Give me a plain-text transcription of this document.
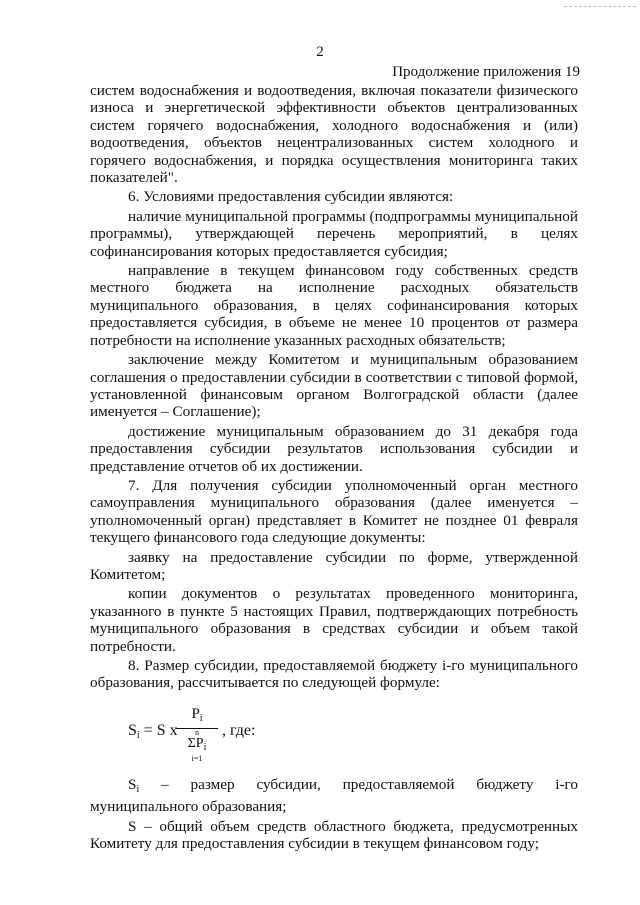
2
Продолжение приложения 19

систем водоснабжения и водоотведения, включая показатели физического износа и энергетической эффективности объектов централизованных систем горячего водоснабжения, холодного водоснабжения и (или) водоотведения, объектов нецентрализованных систем холодного и горячего водоснабжения, и порядка осуществления мониторинга таких показателей".

6. Условиями предоставления субсидии являются:

наличие муниципальной программы (подпрограммы муниципальной программы), утверждающей перечень мероприятий, в целях софинансирования которых предоставляется субсидия;

направление в текущем финансовом году собственных средств местного бюджета на исполнение расходных обязательств муниципального образования, в целях софинансирования которых предоставляется субсидия, в объеме не менее 10 процентов от размера потребности на исполнение указанных расходных обязательств;

заключение между Комитетом и муниципальным образованием соглашения о предоставлении субсидии в соответствии с типовой формой, установленной финансовым органом Волгоградской области (далее именуется – Соглашение);

достижение муниципальным образованием до 31 декабря года предоставления субсидии результатов использования субсидии и представление отчетов об их достижении.

7. Для получения субсидии уполномоченный орган местного самоуправления муниципального образования (далее именуется – уполномоченный орган) представляет в Комитет не позднее 01 февраля текущего финансового года следующие документы:

заявку на предоставление субсидии по форме, утвержденной Комитетом;

копии документов о результатах проведенного мониторинга, указанного в пункте 5 настоящих Правил, подтверждающих потребность муниципального образования в средствах субсидии и объем такой потребности.

8. Размер субсидии, предоставляемой бюджету i-го муниципального образования, рассчитывается по следующей формуле:

$S_i = S$ x
$P_i$
n
$\Sigma P_i$
i=1
, где:

$S_i$ – размер субсидии, предоставляемой бюджету i-го муниципального образования;

S – общий объем средств областного бюджета, предусмотренных Комитету для предоставления субсидии в текущем финансовом году;
